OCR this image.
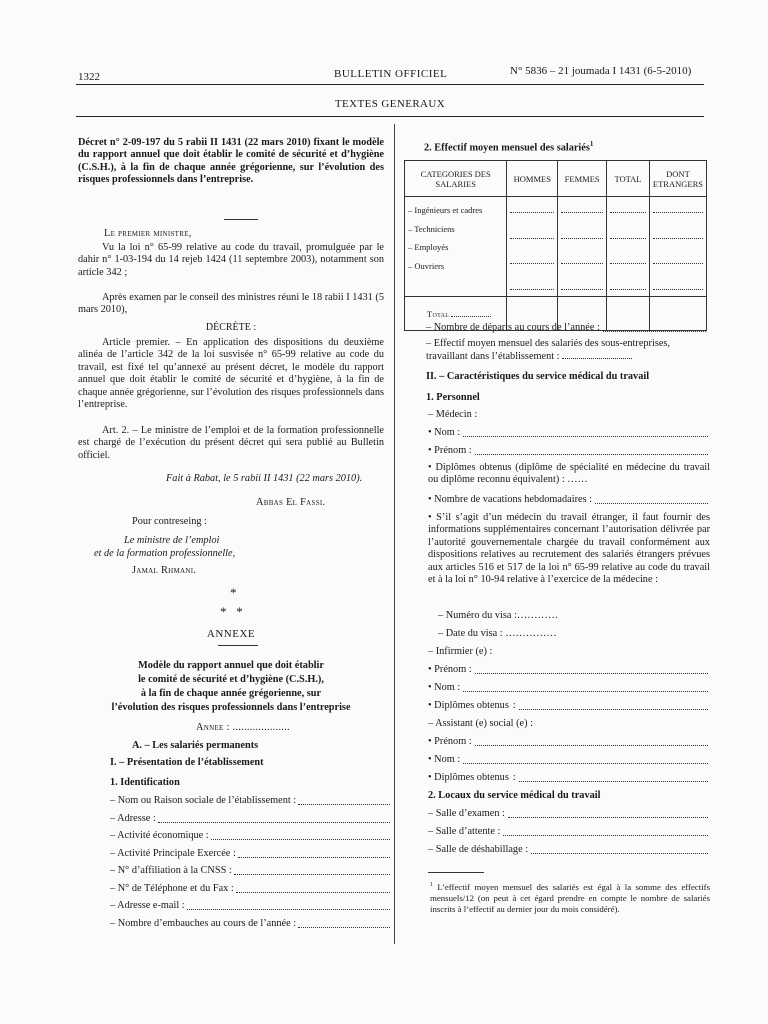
1322	BULLETIN OFFICIEL	N° 5836 – 21 joumada I 1431 (6-5-2010)
TEXTES GENERAUX
Décret n° 2-09-197 du 5 rabii II 1431 (22 mars 2010) fixant le modèle du rapport annuel que doit établir le comité de sécurité et d’hygiène (C.S.H.), à la fin de chaque année grégorienne, sur l’évolution des risques professionnels dans l’entreprise.
Le premier ministre,
Vu la loi n° 65-99 relative au code du travail, promulguée par le dahir n° 1-03-194 du 14 rejeb 1424 (11 septembre 2003), notamment son article 342 ;
Après examen par le conseil des ministres réuni le 18 rabii I 1431 (5 mars 2010),
DÉCRÈTE :
Article premier. – En application des dispositions du deuxième alinéa de l’article 342 de la loi susvisée n° 65-99 relative au code du travail, est fixé tel qu’annexé au présent décret, le modèle du rapport annuel que doit établir le comité de sécurité et d’hygiène, à la fin de chaque année grégorienne, sur l’évolution des risques professionnels dans l’entreprise.
Art. 2. – Le ministre de l’emploi et de la formation professionnelle est chargé de l’exécution du présent décret qui sera publié au Bulletin officiel.
Fait à Rabat, le 5 rabii II 1431 (22 mars 2010).
Abbas El Fassi.
Pour contreseing :
Le ministre de l’emploi
et de la formation professionnelle,
Jamal Rhmani.
*
*   *
ANNEXE
Modèle du rapport annuel que doit établir
le comité de sécurité et d’hygiène (C.S.H.),
à la fin de chaque année grégorienne, sur
l’évolution des risques professionnels dans l’entreprise
Annee : ....................
A. – Les salariés permanents
I. – Présentation de l’établissement
1. Identification
– Nom ou Raison sociale de l’établissement :
– Adresse :
– Activité économique :
– Activité Principale Exercée :
– N° d’affiliation à la CNSS :
– N° de Téléphone et du Fax :
– Adresse e-mail :
– Nombre d’embauches au cours de l’année :
2. Effectif moyen mensuel des salariés$^1$
CATEGORIES DES SALARIES	HOMMES	FEMMES	TOTAL	DONT ETRANGERS

– Ingénieurs et cadres
– Techniciens
– Employés
– Ouvriers				

Total				
– Nombre de départs au cours de l’année :
– Effectif moyen mensuel des salariés des sous-entreprises, travaillant dans l’établissement :
II. – Caractéristiques du service médical du travail
1. Personnel
– Médecin :
• Nom :
• Prénom :
• Diplômes obtenus (diplôme de spécialité en médecine du travail ou diplôme reconnu équivalent) : ……
• Nombre de vacations hebdomadaires :
• S’il s’agit d’un médecin du travail étranger, il faut fournir des informations supplémentaires concernant l’autorisation délivrée par l’autorité gouvernementale chargée du travail conformément aux dispositions relatives au recrutement des salariés étrangers prévues aux articles 516 et 517 de la loi n° 65-99 relative au code du travail et à la loi n° 10-94 relative à l’exercice de la médecine :
– Numéro du visa :…………
– Date du visa : ……………
– Infirmier (e) :
• Prénom :
• Nom :
• Diplômes obtenus :
– Assistant (e) social (e) :
• Prénom :
• Nom :
• Diplômes obtenus :
2. Locaux du service médical du travail
– Salle d’examen :
– Salle d’attente :
– Salle de déshabillage :
$^1$ L’effectif moyen mensuel des salariés est égal à la somme des effectifs mensuels/12 (on peut à cet égard prendre en compte le nombre de salariés inscrits à l’effectif au dernier jour du mois considéré).
